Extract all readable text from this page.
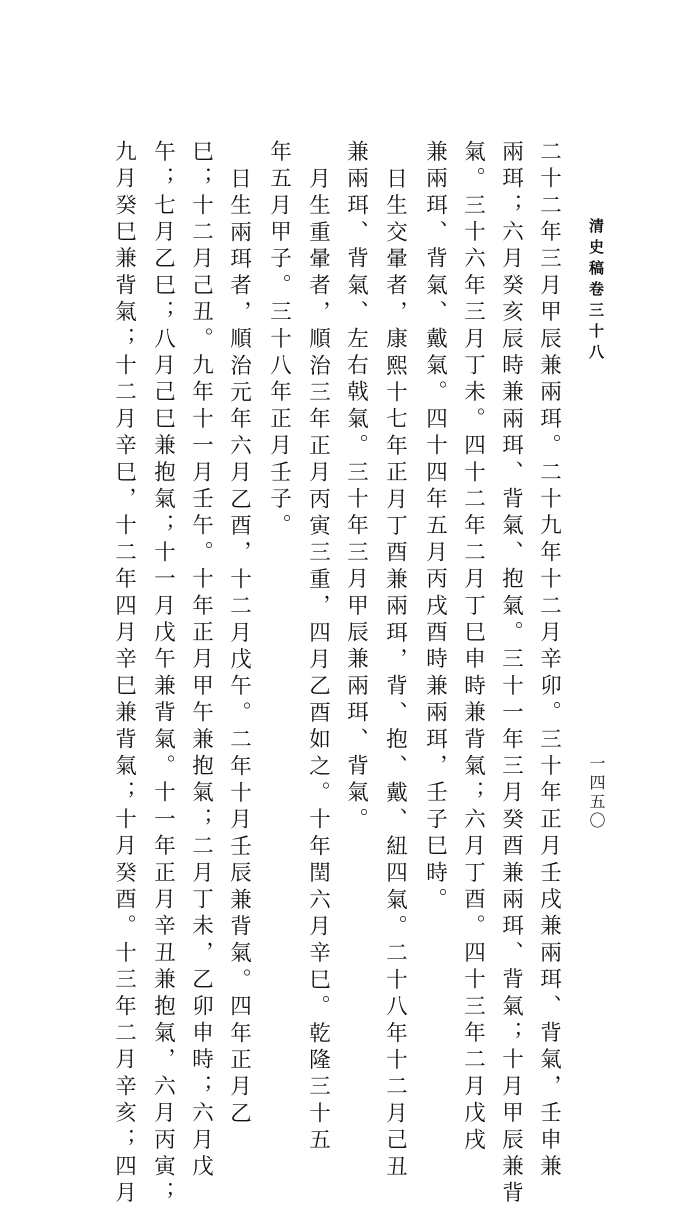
清史稿卷三十八
一四五〇
二十二年三月甲辰兼兩珥。二十九年十二月辛卯。三十年正月壬戌兼兩珥、背氣，壬申兼
兩珥；六月癸亥辰時兼兩珥、背氣、抱氣。三十一年三月癸酉兼兩珥、背氣；十月甲辰兼背
氣。三十六年三月丁未。四十二年二月丁巳申時兼背氣；六月丁酉。四十三年二月戊戌
兼兩珥、背氣、戴氣。四十四年五月丙戌酉時兼兩珥，壬子巳時。
日生交暈者，康熙十七年正月丁酉兼兩珥，背、抱、戴、紐四氣。二十八年十二月己丑
兼兩珥、背氣、左右戟氣。三十年三月甲辰兼兩珥、背氣。
月生重暈者，順治三年正月丙寅三重，四月乙酉如之。十年閏六月辛巳。乾隆三十五
年五月甲子。三十八年正月壬子。
日生兩珥者，順治元年六月乙酉，十二月戊午。二年十月壬辰兼背氣。四年正月乙
巳；十二月己丑。九年十一月壬午。十年正月甲午兼抱氣；二月丁未，乙卯申時；六月戊
午；七月乙巳；八月己巳兼抱氣；十一月戊午兼背氣。十一年正月辛丑兼抱氣，六月丙寅；
九月癸巳兼背氣；十二月辛巳，十二年四月辛巳兼背氣；十月癸酉。十三年二月辛亥；四月
